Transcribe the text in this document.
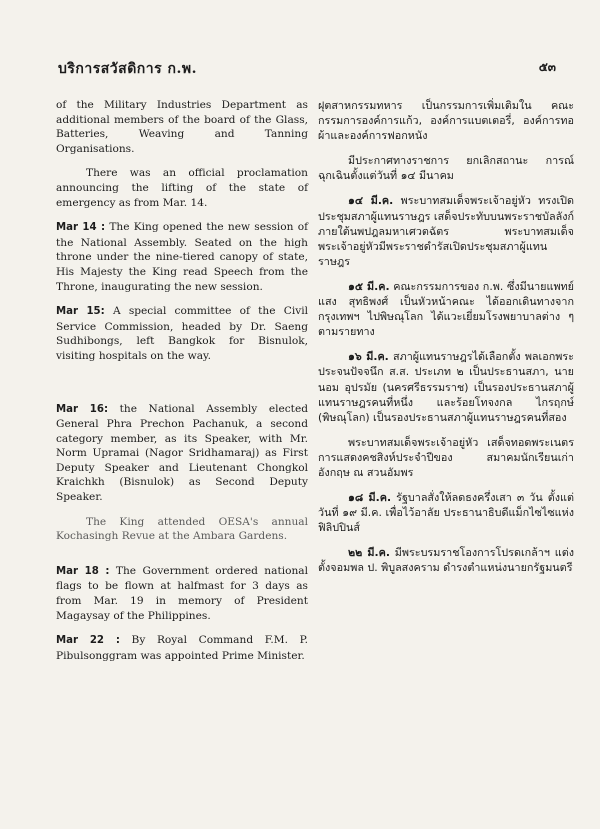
บริการสวัสดิการ ก.พ.	๕๓

of the Military Industries Department as additional members of the board of the Glass, Batteries, Weaving and Tanning Organisations.

There was an official proclamation announcing the lifting of the state of emergency as from Mar. 14.

Mar 14 : The King opened the new session of the National Assembly. Seated on the high throne under the nine-tiered canopy of state, His Majesty the King read Speech from the Throne, inaugurating the new session.

Mar 15: A special committee of the Civil Service Commission, headed by Dr. Saeng Sudhibongs, left Bangkok for Bisnulok, visiting hospitals on the way.

Mar 16: the National Assembly elected General Phra Prechon Pachanuk, a second category member, as its Speaker, with Mr. Norm Upramai (Nagor Sridhamaraj) as First Deputy Speaker and Lieutenant Chongkol Kraichkh (Bisnulok) as Second Deputy Speaker.

The King attended OESA's annual Kochasingh Revue at the Ambara Gardens.

Mar 18 : The Government ordered national flags to be flown at halfmast for 3 days as from Mar. 19 in memory of President Magaysay of the Philippines.

Mar 22 : By Royal Command F.M. P. Pibulsonggram was appointed Prime Minister.

ฝุตสาหกรรมทหาร เป็นกรรมการเพิ่มเติมใน คณะกรรมการองค์การแก้ว, องค์การแบตเตอรี่, องค์การทอผ้าและองค์การฟอกหนัง

มีประกาศทางราชการ ยกเลิกสถานะ การณ์ฉุกเฉินตั้งแต่วันที่ ๑๔ มีนาคม

๑๔ มี.ค. พระบาทสมเด็จพระเจ้าอยู่หัว ทรงเปิดประชุมสภาผู้แทนราษฎร เสด็จประทับบนพระราชบัลลังก์ภายใต้นพปฎลมหาเศวตฉัตร พระบาทสมเด็จพระเจ้าอยู่หัวมีพระราชดำรัสเปิดประชุมสภาผู้แทนราษฎร

๑๕ มี.ค. คณะกรรมการของ ก.พ. ซึ่งมีนายแพทย์แสง สุทธิพงศ์ เป็นหัวหน้าคณะ ได้ออกเดินทางจากกรุงเทพฯ ไปพิษณุโลก ได้แวะเยี่ยมโรงพยาบาลต่าง ๆ ตามรายทาง

๑๖ มี.ค. สภาผู้แทนราษฎรได้เลือกตั้ง พลเอกพระประจนปัจจนึก ส.ส. ประเภท ๒ เป็นประธานสภา, นายนอม อุปรมัย (นครศรีธรรมราช) เป็นรองประธานสภาผู้แทนราษฎรคนที่หนึ่ง และร้อยโทจงกล ไกรฤกษ์ (พิษณุโลก) เป็นรองประธานสภาผู้แทนราษฎรคนที่สอง

พระบาทสมเด็จพระเจ้าอยู่หัว เสด็จทอดพระเนตรการแสดงคชสิงห์ประจำปีของ สมาคมนักเรียนเก่าอังกฤษ ณ สวนอัมพร

๑๘ มี.ค. รัฐบาลสั่งให้ลดธงครึ่งเสา ๓ วัน ตั้งแต่วันที่ ๑๙ มี.ค. เพื่อไว้อาลัย ประธานาธิบดีแม็กไซไซแห่งฟิลิปปินส์

๒๒ มี.ค. มีพระบรมราชโองการโปรดเกล้าฯ แต่งตั้งจอมพล ป. พิบูลสงคราม ดำรงตำแหน่งนายกรัฐมนตรี
